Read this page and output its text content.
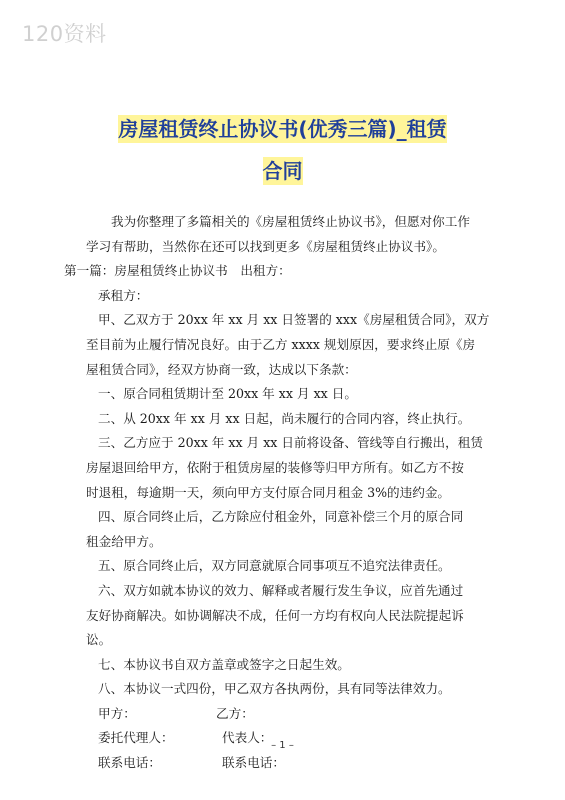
120资料
房屋租赁终止协议书(优秀三篇)_租赁
合同

我为你整理了多篇相关的《房屋租赁终止协议书》，但愿对你工作

学习有帮助，当然你在还可以找到更多《房屋租赁终止协议书》。

第一篇：房屋租赁终止协议书　出租方：

承租方：

甲、乙双方于 20xx 年 xx 月 xx 日签署的 xxx《房屋租赁合同》，双方

至目前为止履行情况良好。由于乙方 xxxx 规划原因，要求终止原《房

屋租赁合同》，经双方协商一致，达成以下条款：

一、原合同租赁期计至 20xx 年 xx 月 xx 日。

二、从 20xx 年 xx 月 xx 日起，尚未履行的合同内容，终止执行。

三、乙方应于 20xx 年 xx 月 xx 日前将设备、管线等自行搬出，租赁

房屋退回给甲方，依附于租赁房屋的装修等归甲方所有。如乙方不按

时退租，每逾期一天，须向甲方支付原合同月租金 3%的违约金。

四、原合同终止后，乙方除应付租金外，同意补偿三个月的原合同

租金给甲方。

五、原合同终止后，双方同意就原合同事项互不追究法律责任。

六、双方如就本协议的效力、解释或者履行发生争议，应首先通过

友好协商解决。如协调解决不成，任何一方均有权向人民法院提起诉

讼。

七、本协议书自双方盖章或签字之日起生效。

八、本协议一式四份，甲乙双方各执两份，具有同等法律效力。

甲方：	乙方：
委托代理人：	代表人：
联系电话：	联系电话：
– 1 –
